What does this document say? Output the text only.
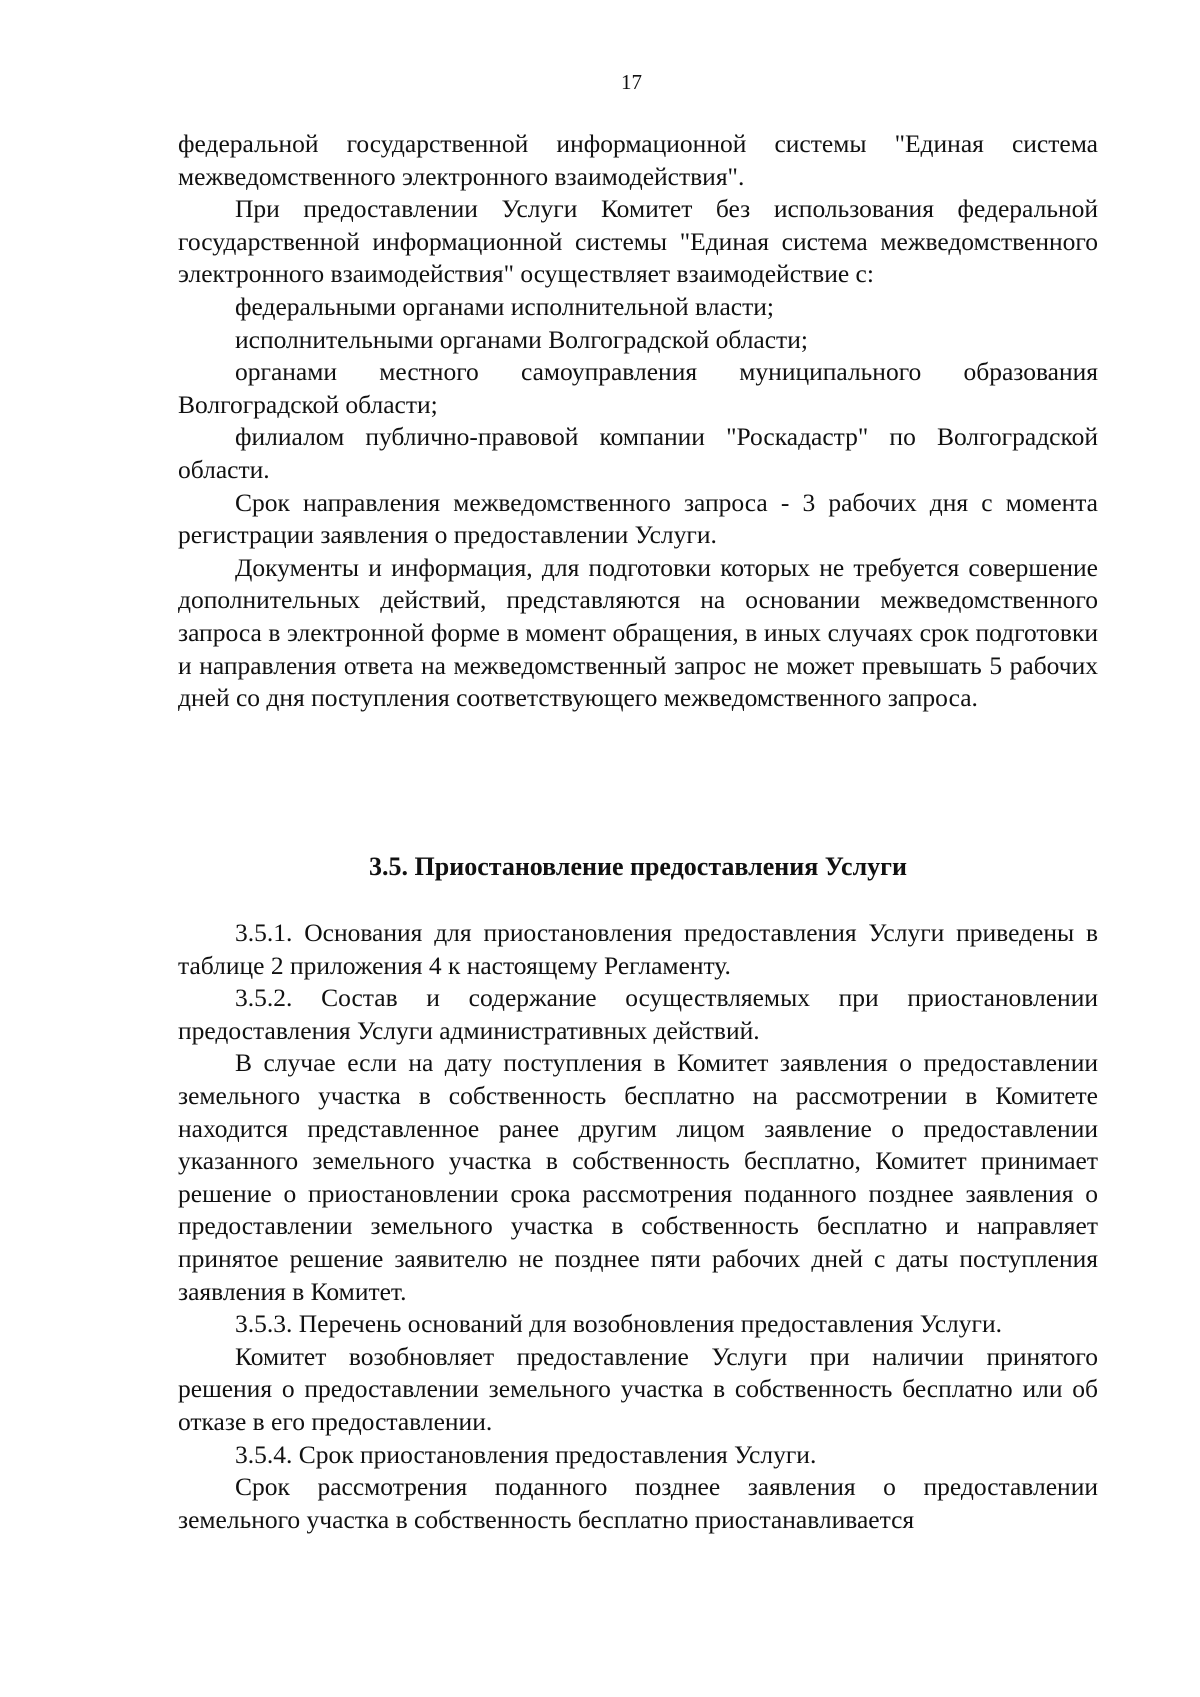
17

федеральной государственной информационной системы "Единая система межведомственного электронного взаимодействия".

При предоставлении Услуги Комитет без использования федеральной государственной информационной системы "Единая система межведомственного электронного взаимодействия" осуществляет взаимодействие с:

федеральными органами исполнительной власти;

исполнительными органами Волгоградской области;

органами местного самоуправления муниципального образования Волгоградской области;

филиалом публично-правовой компании "Роскадастр" по Волгоградской области.

Срок направления межведомственного запроса - 3 рабочих дня с момента регистрации заявления о предоставлении Услуги.

Документы и информация, для подготовки которых не требуется совершение дополнительных действий, представляются на основании межведомственного запроса в электронной форме в момент обращения, в иных случаях срок подготовки и направления ответа на межведомственный запрос не может превышать 5 рабочих дней со дня поступления соответствующего межведомственного запроса.

3.5. Приостановление предоставления Услуги

3.5.1. Основания для приостановления предоставления Услуги приведены в таблице 2 приложения 4 к настоящему Регламенту.

3.5.2. Состав и содержание осуществляемых при приостановлении предоставления Услуги административных действий.

В случае если на дату поступления в Комитет заявления о предоставлении земельного участка в собственность бесплатно на рассмотрении в Комитете находится представленное ранее другим лицом заявление о предоставлении указанного земельного участка в собственность бесплатно, Комитет принимает решение о приостановлении срока рассмотрения поданного позднее заявления о предоставлении земельного участка в собственность бесплатно и направляет принятое решение заявителю не позднее пяти рабочих дней с даты поступления заявления в Комитет.

3.5.3. Перечень оснований для возобновления предоставления Услуги.

Комитет возобновляет предоставление Услуги при наличии принятого решения о предоставлении земельного участка в собственность бесплатно или об отказе в его предоставлении.

3.5.4. Срок приостановления предоставления Услуги.

Срок рассмотрения поданного позднее заявления о предоставлении земельного участка в собственность бесплатно приостанавливается
